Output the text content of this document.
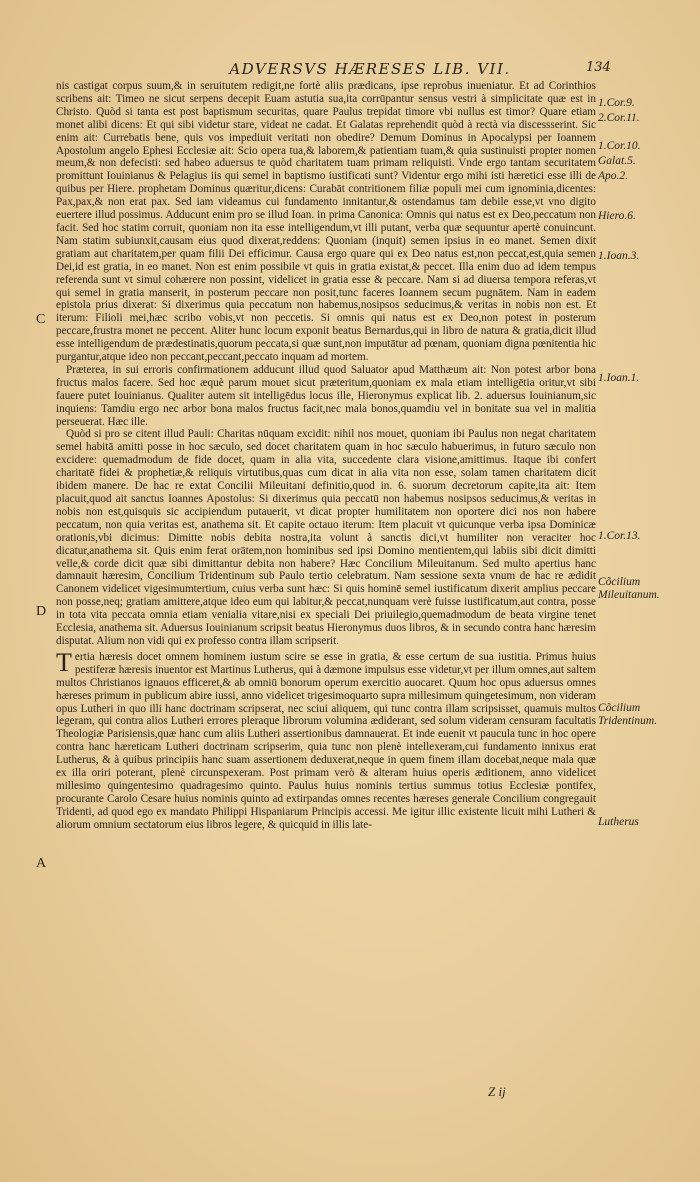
ADVERSVS HÆRESES LIB. VII.	134
C
D
A

nis castigat corpus suum,& in seruitutem redigit,ne fortè aliis prædicans, ipse reprobus inueniatur. Et ad Corinthios scribens ait: Timeo ne sicut serpens decepit Euam astutia sua,ita corrūpantur sensus vestri à simplicitate quæ est in Christo. Quòd si tanta est post baptismum securitas, quare Paulus trepidat timore vbi nullus est timor? Quare etiam monet alibi dicens: Et qui sibi videtur stare, videat ne cadat. Et Galatas reprehendit quòd à rectà via discessserint. Sic enim ait: Currebatis bene, quis vos impediuit veritati non obedire? Demum Dominus in Apocalypsi per Ioannem Apostolum angelo Ephesi Ecclesiæ ait: Scio opera tua,& laborem,& patientiam tuam,& quia sustinuisti propter nomen meum,& non defecisti: sed habeo aduersus te quòd charitatem tuam primam reliquisti. Vnde ergo tantam securitatem promittunt Iouinianus & Pelagius iis qui semel in baptismo iustificati sunt? Videntur ergo mihi isti hæretici esse illi de quibus per Hiere. prophetam Dominus quæritur,dicens: Curabāt contritionem filiæ populi mei cum ignominia,dicentes: Pax,pax,& non erat pax. Sed iam videamus cui fundamento innitantur,& ostendamus tam debile esse,vt vno digito euertere illud possimus. Adducunt enim pro se illud Ioan. in prima Canonica: Omnis qui natus est ex Deo,peccatum non facit. Sed hoc statim corruit, quoniam non ita esse intelligendum,vt illi putant, verba quæ sequuntur apertè conuincunt. Nam statim subiunxit,causam eius quod dixerat,reddens: Quoniam (inquit) semen ipsius in eo manet. Semen dixit gratiam aut charitatem,per quam filii Dei efficimur. Causa ergo quare qui ex Deo natus est,non peccat,est,quia semen Dei,id est gratia, in eo manet. Non est enim possibile vt quis in gratia existat,& peccet. Illa enim duo ad idem tempus referenda sunt vt simul cohærere non possint, videlicet in gratia esse & peccare. Nam si ad diuersa tempora referas,vt qui semel in gratia manserit, in posterum peccare non posit,tunc faceres Ioannem secum pugnātem. Nam in eadem epistola prius dixerat: Si dixerimus quia peccatum non habemus,nosipsos seducimus,& veritas in nobis non est. Et iterum: Filioli mei,hæc scribo vobis,vt non peccetis. Si omnis qui natus est ex Deo,non potest in posterum peccare,frustra monet ne peccent. Aliter hunc locum exponit beatus Bernardus,qui in libro de natura & gratia,dicit illud esse intelligendum de prædestinatis,quorum peccata,si quæ sunt,non imputātur ad pœnam, quoniam digna pœnitentia hic purgantur,atque ideo non peccant,peccant,peccato inquam ad mortem.

Præterea, in sui erroris confirmationem adducunt illud quod Saluator apud Matthæum ait: Non potest arbor bona fructus malos facere. Sed hoc æquè parum mouet sicut præteritum,quoniam ex mala etiam intelligētia oritur,vt sibi fauere putet Iouinianus. Qualiter autem sit intelligēdus locus ille, Hieronymus explicat lib. 2. aduersus Iouinianum,sic inquiens: Tamdiu ergo nec arbor bona malos fructus facit,nec mala bonos,quamdiu vel in bonitate sua vel in malitia perseuerat. Hæc ille.

Quòd si pro se citent illud Pauli: Charitas nūquam excidit: nihil nos mouet, quoniam ibi Paulus non negat charitatem semel habitā amitti posse in hoc sæculo, sed docet charitatem quam in hoc sæculo habuerimus, in futuro sæculo non excidere: quemadmodum de fide docet, quam in alia vita, succedente clara visione,amittimus. Itaque ibi confert charitatē fidei & prophetiæ,& reliquis virtutibus,quas cum dicat in alia vita non esse, solam tamen charitatem dicit ibidem manere. De hac re extat Concilii Mileuitani definitio,quod in. 6. suorum decretorum capite,ita ait: Item placuit,quod ait sanctus Ioannes Apostolus: Si dixerimus quia peccatū non habemus nosipsos seducimus,& veritas in nobis non est,quisquis sic accipiendum putauerit, vt dicat propter humilitatem non oportere dici nos non habere peccatum, non quia veritas est, anathema sit. Et capite octauo iterum: Item placuit vt quicunque verba ipsa Dominicæ orationis,vbi dicimus: Dimitte nobis debita nostra,ita volunt à sanctis dici,vt humiliter non veraciter hoc dicatur,anathema sit. Quis enim ferat orātem,non hominibus sed ipsi Domino mentientem,qui labiis sibi dicit dimitti velle,& corde dicit quæ sibi dimittantur debita non habere? Hæc Concilium Mileuitanum. Sed multo apertius hanc damnauit hæresim, Concilium Tridentinum sub Paulo tertio celebratum. Nam sessione sexta vnum de hac re ædidit Canonem videlicet vigesimumtertium, cuius verba sunt hæc: Si quis hominē semel iustificatum dixerit amplius peccare non posse,neq; gratiam amittere,atque ideo eum qui labitur,& peccat,nunquam verè fuisse iustificatum,aut contra, posse in tota vita peccata omnia etiam venialia vitare,nisi ex speciali Dei priuilegio,quemadmodum de beata virgine tenet Ecclesia, anathema sit. Aduersus Iouinianum scripsit beatus Hieronymus duos libros, & in secundo contra hanc hæresim disputat. Alium non vidi qui ex professo contra illam scripserit.

T ertia hæresis docet omnem hominem iustum scire se esse in gratia, & esse certum de sua iustitia. Primus huius pestiferæ hæresis inuentor est Martinus Lutherus, qui à dæmone impulsus esse videtur,vt per illum omnes,aut saltem multos Christianos ignauos efficeret,& ab omniū bonorum operum exercitio auocaret. Quum hoc opus aduersus omnes hæreses primum in publicum abire iussi, anno videlicet trigesimoquarto supra millesimum quingetesimum, non videram opus Lutheri in quo illi hanc doctrinam scripserat, nec sciui aliquem, qui tunc contra illam scripsisset, quamuis multos legeram, qui contra alios Lutheri errores pleraque librorum volumina ædiderant, sed solum videram censuram facultatis Theologiæ Parisiensis,quæ hanc cum aliis Lutheri assertionibus damnauerat. Et inde euenit vt paucula tunc in hoc opere contra hanc hæreticam Lutheri doctrinam scripserim, quia tunc non plenè intellexeram,cui fundamento innixus erat Lutherus, & à quibus principiis hanc suam assertionem deduxerat,neque in quem finem illam docebat,neque mala quæ ex illa oriri poterant, plenè circunspexeram. Post primam verò & alteram huius operis æditionem, anno videlicet millesimo quingentesimo quadragesimo quinto. Paulus huius nominis tertius summus totius Ecclesiæ pontifex, procurante Carolo Cesare huius nominis quinto ad extirpandas omnes recentes hæreses generale Concilium congregauit Tridenti, ad quod ego ex mandato Philippi Hispaniarum Principis accessi. Me igitur illic existente licuit mihi Lutheri & aliorum omnium sectatorum eius libros legere, & quicquid in illis late-

1.Cor.9.
2.Cor.11.
1.Cor.10.
Galat.5.
Apo.2.
Hiero.6.
1.Ioan.3.
1.Ioan.1.
1.Cor.13.
Cõcilium Mileuitanum.
Cõcilium Tridentinum.
Lutherus
Z ij
